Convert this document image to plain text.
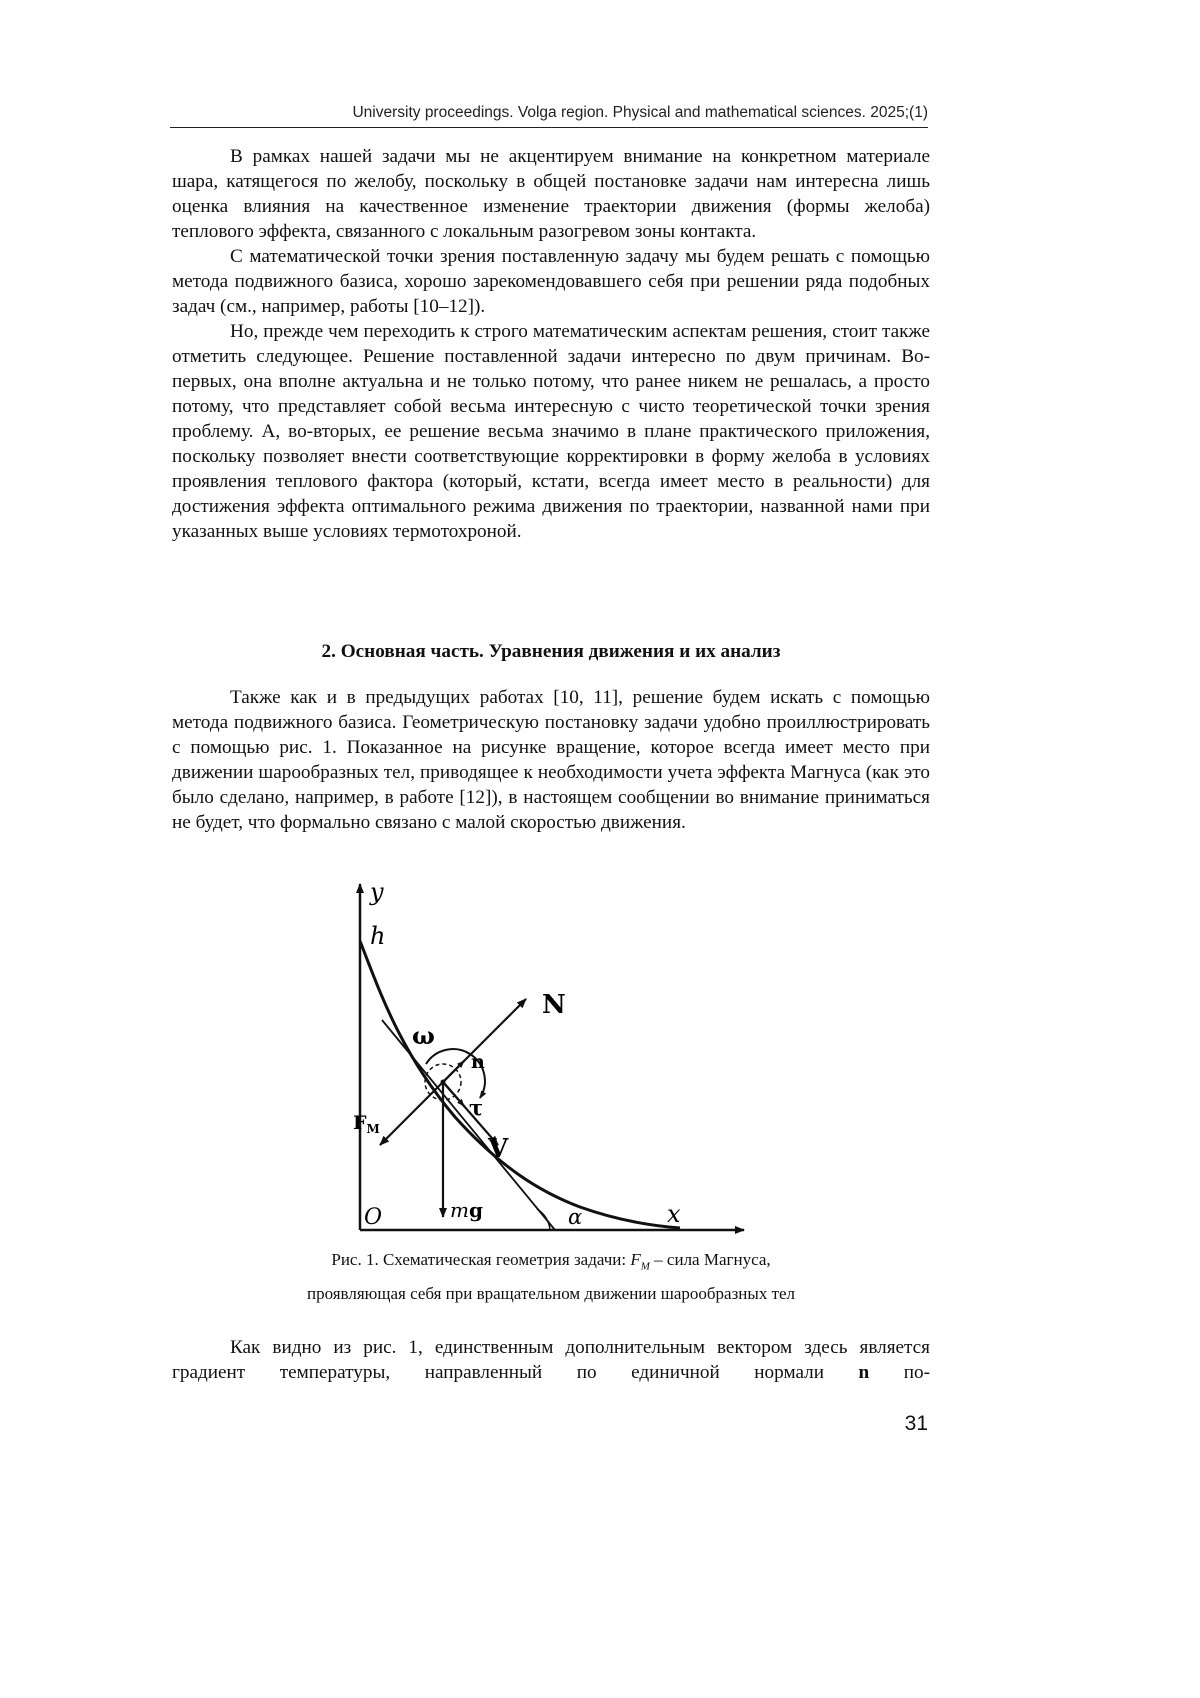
University proceedings. Volga region. Physical and mathematical sciences. 2025;(1)

В рамках нашей задачи мы не акцентируем внимание на конкретном материале шара, катящегося по желобу, поскольку в общей постановке задачи нам интересна лишь оценка влияния на качественное изменение траектории движения (формы желоба) теплового эффекта, связанного с локальным разогревом зоны контакта.

С математической точки зрения поставленную задачу мы будем решать с помощью метода подвижного базиса, хорошо зарекомендовавшего себя при решении ряда подобных задач (см., например, работы [10–12]).

Но, прежде чем переходить к строго математическим аспектам решения, стоит также отметить следующее. Решение поставленной задачи интересно по двум причинам. Во-первых, она вполне актуальна и не только потому, что ранее никем не решалась, а просто потому, что представляет собой весьма интересную с чисто теоретической точки зрения проблему. А, во-вторых, ее решение весьма значимо в плане практического приложения, поскольку позволяет внести соответствующие корректировки в форму желоба в условиях проявления теплового фактора (который, кстати, всегда имеет место в реальности) для достижения эффекта оптимального режима движения по траектории, названной нами при указанных выше условиях термотохроной.

2. Основная часть. Уравнения движения и их анализ

Также как и в предыдущих работах [10, 11], решение будем искать с помощью метода подвижного базиса. Геометрическую постановку задачи удобно проиллюстрировать с помощью рис. 1. Показанное на рисунке вращение, которое всегда имеет место при движении шарообразных тел, приводящее к необходимости учета эффекта Магнуса (как это было сделано, например, в работе [12]), в настоящем сообщении во внимание приниматься не будет, что формально связано с малой скоростью движения.

y
h
O	x
α
N
ω
n
$F_M$
τ
V
mg
Рис. 1. Схематическая геометрия задачи: $F_M$ – сила Магнуса,
проявляющая себя при вращательном движении шарообразных тел

Как видно из рис. 1, единственным дополнительным вектором здесь является градиент температуры, направленный по единичной нормали n по-

31
